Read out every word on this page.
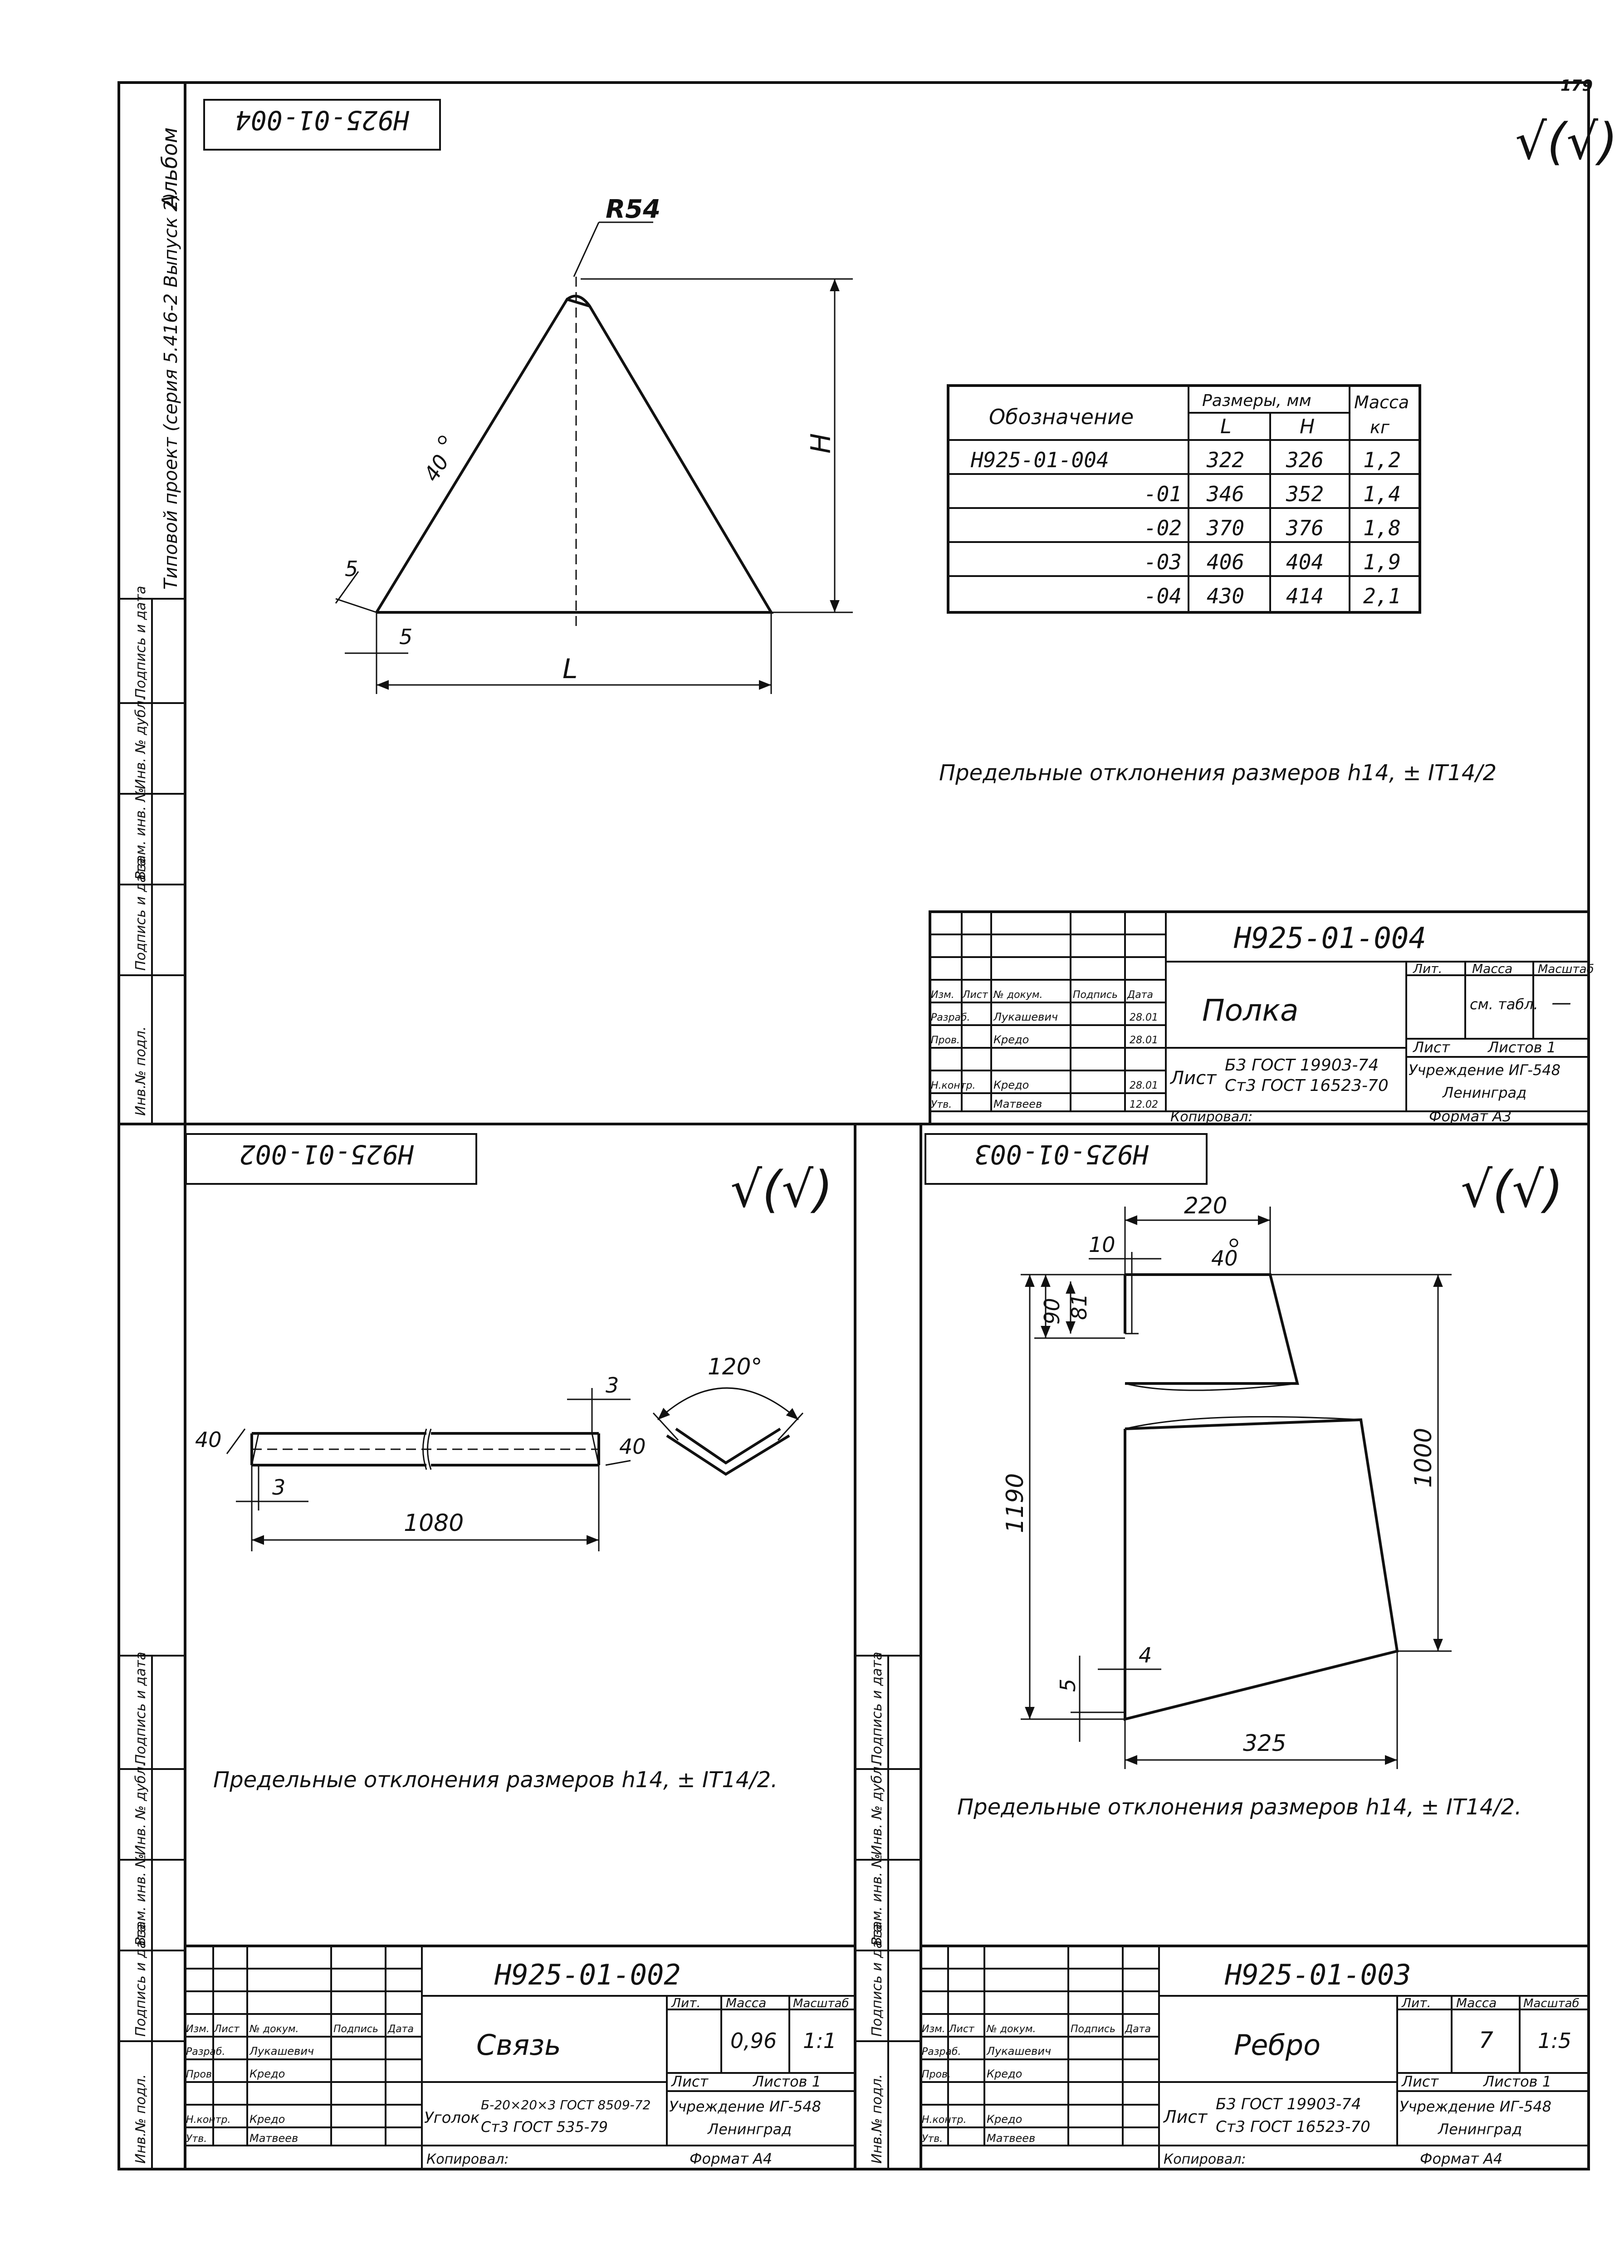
Альбом
Типовой проект (серия 5.416-2 Выпуск 2)
Инв.№ подл.
Подпись и дата
Взам. инв. №
Инв. № дубл.
Подпись и дата
Инв.№ подл.
Подпись и дата
Взам. инв. №
Инв. № дубл.
Подпись и дата
Инв.№ подл.
Подпись и дата
Взам. инв. №
Инв. № дубл.
Подпись и дата
179
Н925-01-004	√(√)
R54
H
L
40
5
5
Обозначение
Размеры, мм
L	H
Масса
кг
Н925-01-004	322 326 1,2
-01 346 352 1,4
-02 370 376 1,8
-03 406 404 1,9
-04 430 414 2,1
Предельные отклонения размеров h14, ± IT14/2
Н925-01-004
Полка
Лит. Масса Масштаб
см. табл. —
Лист	Листов 1
Учреждение ИГ-548
Ленинград
Формат А3
Лист
Б3 ГОСТ 19903-74
Ст3 ГОСТ 16523-70
Копировал:
Изм. Лист № докум.	Подпись Дата
Разраб. Лукашевич	28.01
Пров.	Кредо	28.01
Н.контр. Кредо	28.01
Утв.	Матвеев	12.02
Н925-01-002
√(√)
1080
3
3
40	40
120°
Предельные отклонения размеров h14, ± IT14/2.
Н925-01-002
Связь
Лит. Масса Масштаб
0,96 1:1
Лист	Листов 1
Учреждение ИГ-548
Ленинград
Формат А4
Уголок
Б-20×20×3 ГОСТ 8509-72
Ст3 ГОСТ 535-79
Копировал:
Изм. Лист № докум.	Подпись Дата
Разраб. Лукашевич
Пров.	Кредо
Н.контр. Кредо
Утв.	Матвеев
Н925-01-003
√(√)
220
10
40
90 81
1190
1000
325
5
4
Предельные отклонения размеров h14, ± IT14/2.
Н925-01-003
Ребро
Лит. Масса Масштаб
7 1:5
Лист	Листов 1
Учреждение ИГ-548
Ленинград
Формат А4
Лист
Б3 ГОСТ 19903-74
Ст3 ГОСТ 16523-70
Копировал:
Изм. Лист № докум.	Подпись Дата
Разраб. Лукашевич
Пров.	Кредо
Н.контр. Кредо
Утв.	Матвеев
